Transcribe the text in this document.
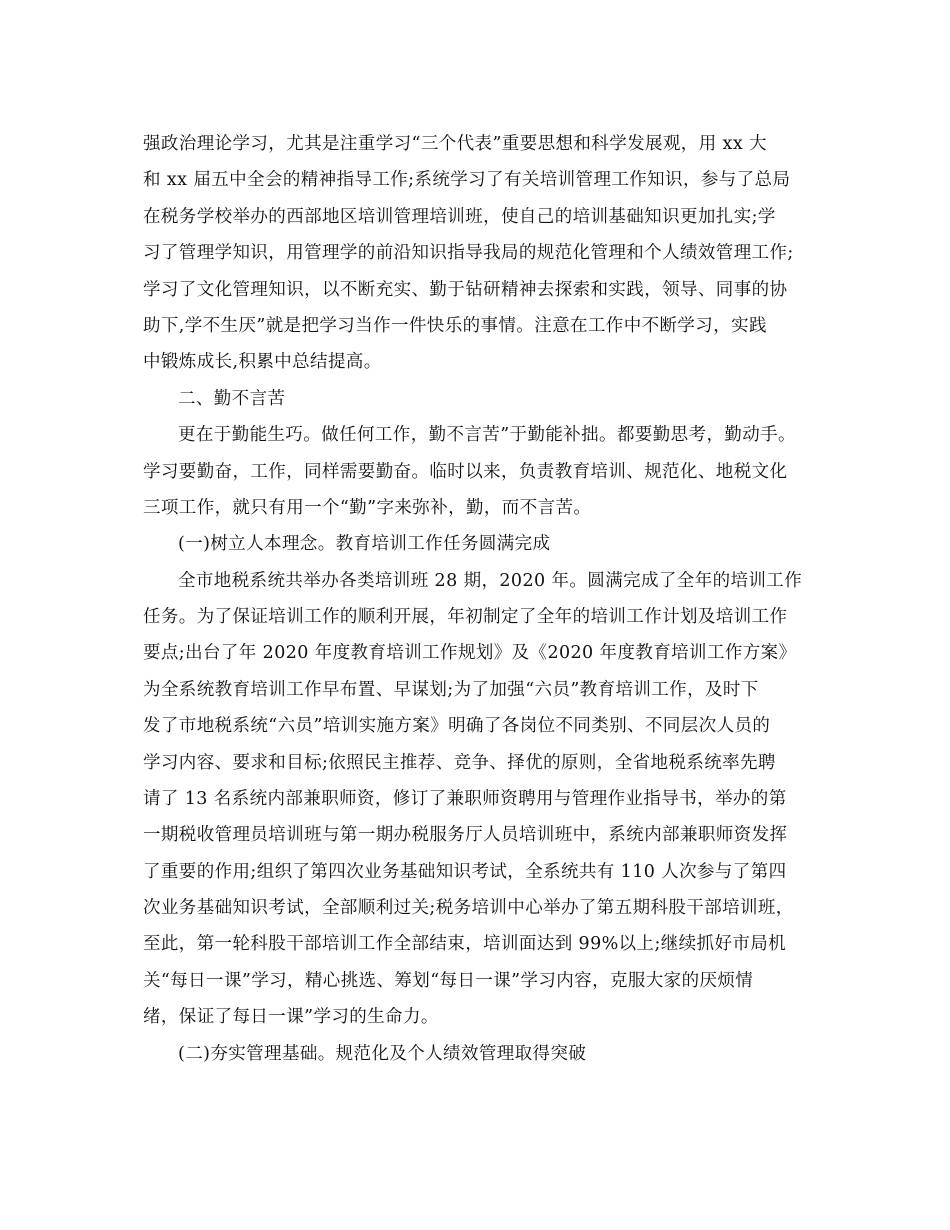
强政治理论学习，尤其是注重学习“三个代表”重要思想和科学发展观，用 xx 大
和 xx 届五中全会的精神指导工作;系统学习了有关培训管理工作知识，参与了总局
在税务学校举办的西部地区培训管理培训班，使自己的培训基础知识更加扎实;学
习了管理学知识，用管理学的前沿知识指导我局的规范化管理和个人绩效管理工作;
学习了文化管理知识，以不断充实、勤于钻研精神去探索和实践，领导、同事的协
助下,学不生厌”就是把学习当作一件快乐的事情。注意在工作中不断学习，实践
中锻炼成长,积累中总结提高。
二、勤不言苦
更在于勤能生巧。做任何工作，勤不言苦”于勤能补拙。都要勤思考，勤动手。
学习要勤奋，工作，同样需要勤奋。临时以来，负责教育培训、规范化、地税文化
三项工作，就只有用一个“勤”字来弥补，勤，而不言苦。
(一)树立人本理念。教育培训工作任务圆满完成
全市地税系统共举办各类培训班 28 期，2020 年。圆满完成了全年的培训工作
任务。为了保证培训工作的顺利开展，年初制定了全年的培训工作计划及培训工作
要点;出台了年 2020 年度教育培训工作规划》及《2020 年度教育培训工作方案》
为全系统教育培训工作早布置、早谋划;为了加强“六员”教育培训工作，及时下
发了市地税系统“六员”培训实施方案》明确了各岗位不同类别、不同层次人员的
学习内容、要求和目标;依照民主推荐、竞争、择优的原则，全省地税系统率先聘
请了 13 名系统内部兼职师资，修订了兼职师资聘用与管理作业指导书，举办的第
一期税收管理员培训班与第一期办税服务厅人员培训班中，系统内部兼职师资发挥
了重要的作用;组织了第四次业务基础知识考试，全系统共有 110 人次参与了第四
次业务基础知识考试，全部顺利过关;税务培训中心举办了第五期科股干部培训班，
至此，第一轮科股干部培训工作全部结束，培训面达到 99%以上;继续抓好市局机
关“每日一课”学习，精心挑选、筹划“每日一课”学习内容，克服大家的厌烦情
绪，保证了每日一课”学习的生命力。
(二)夯实管理基础。规范化及个人绩效管理取得突破
